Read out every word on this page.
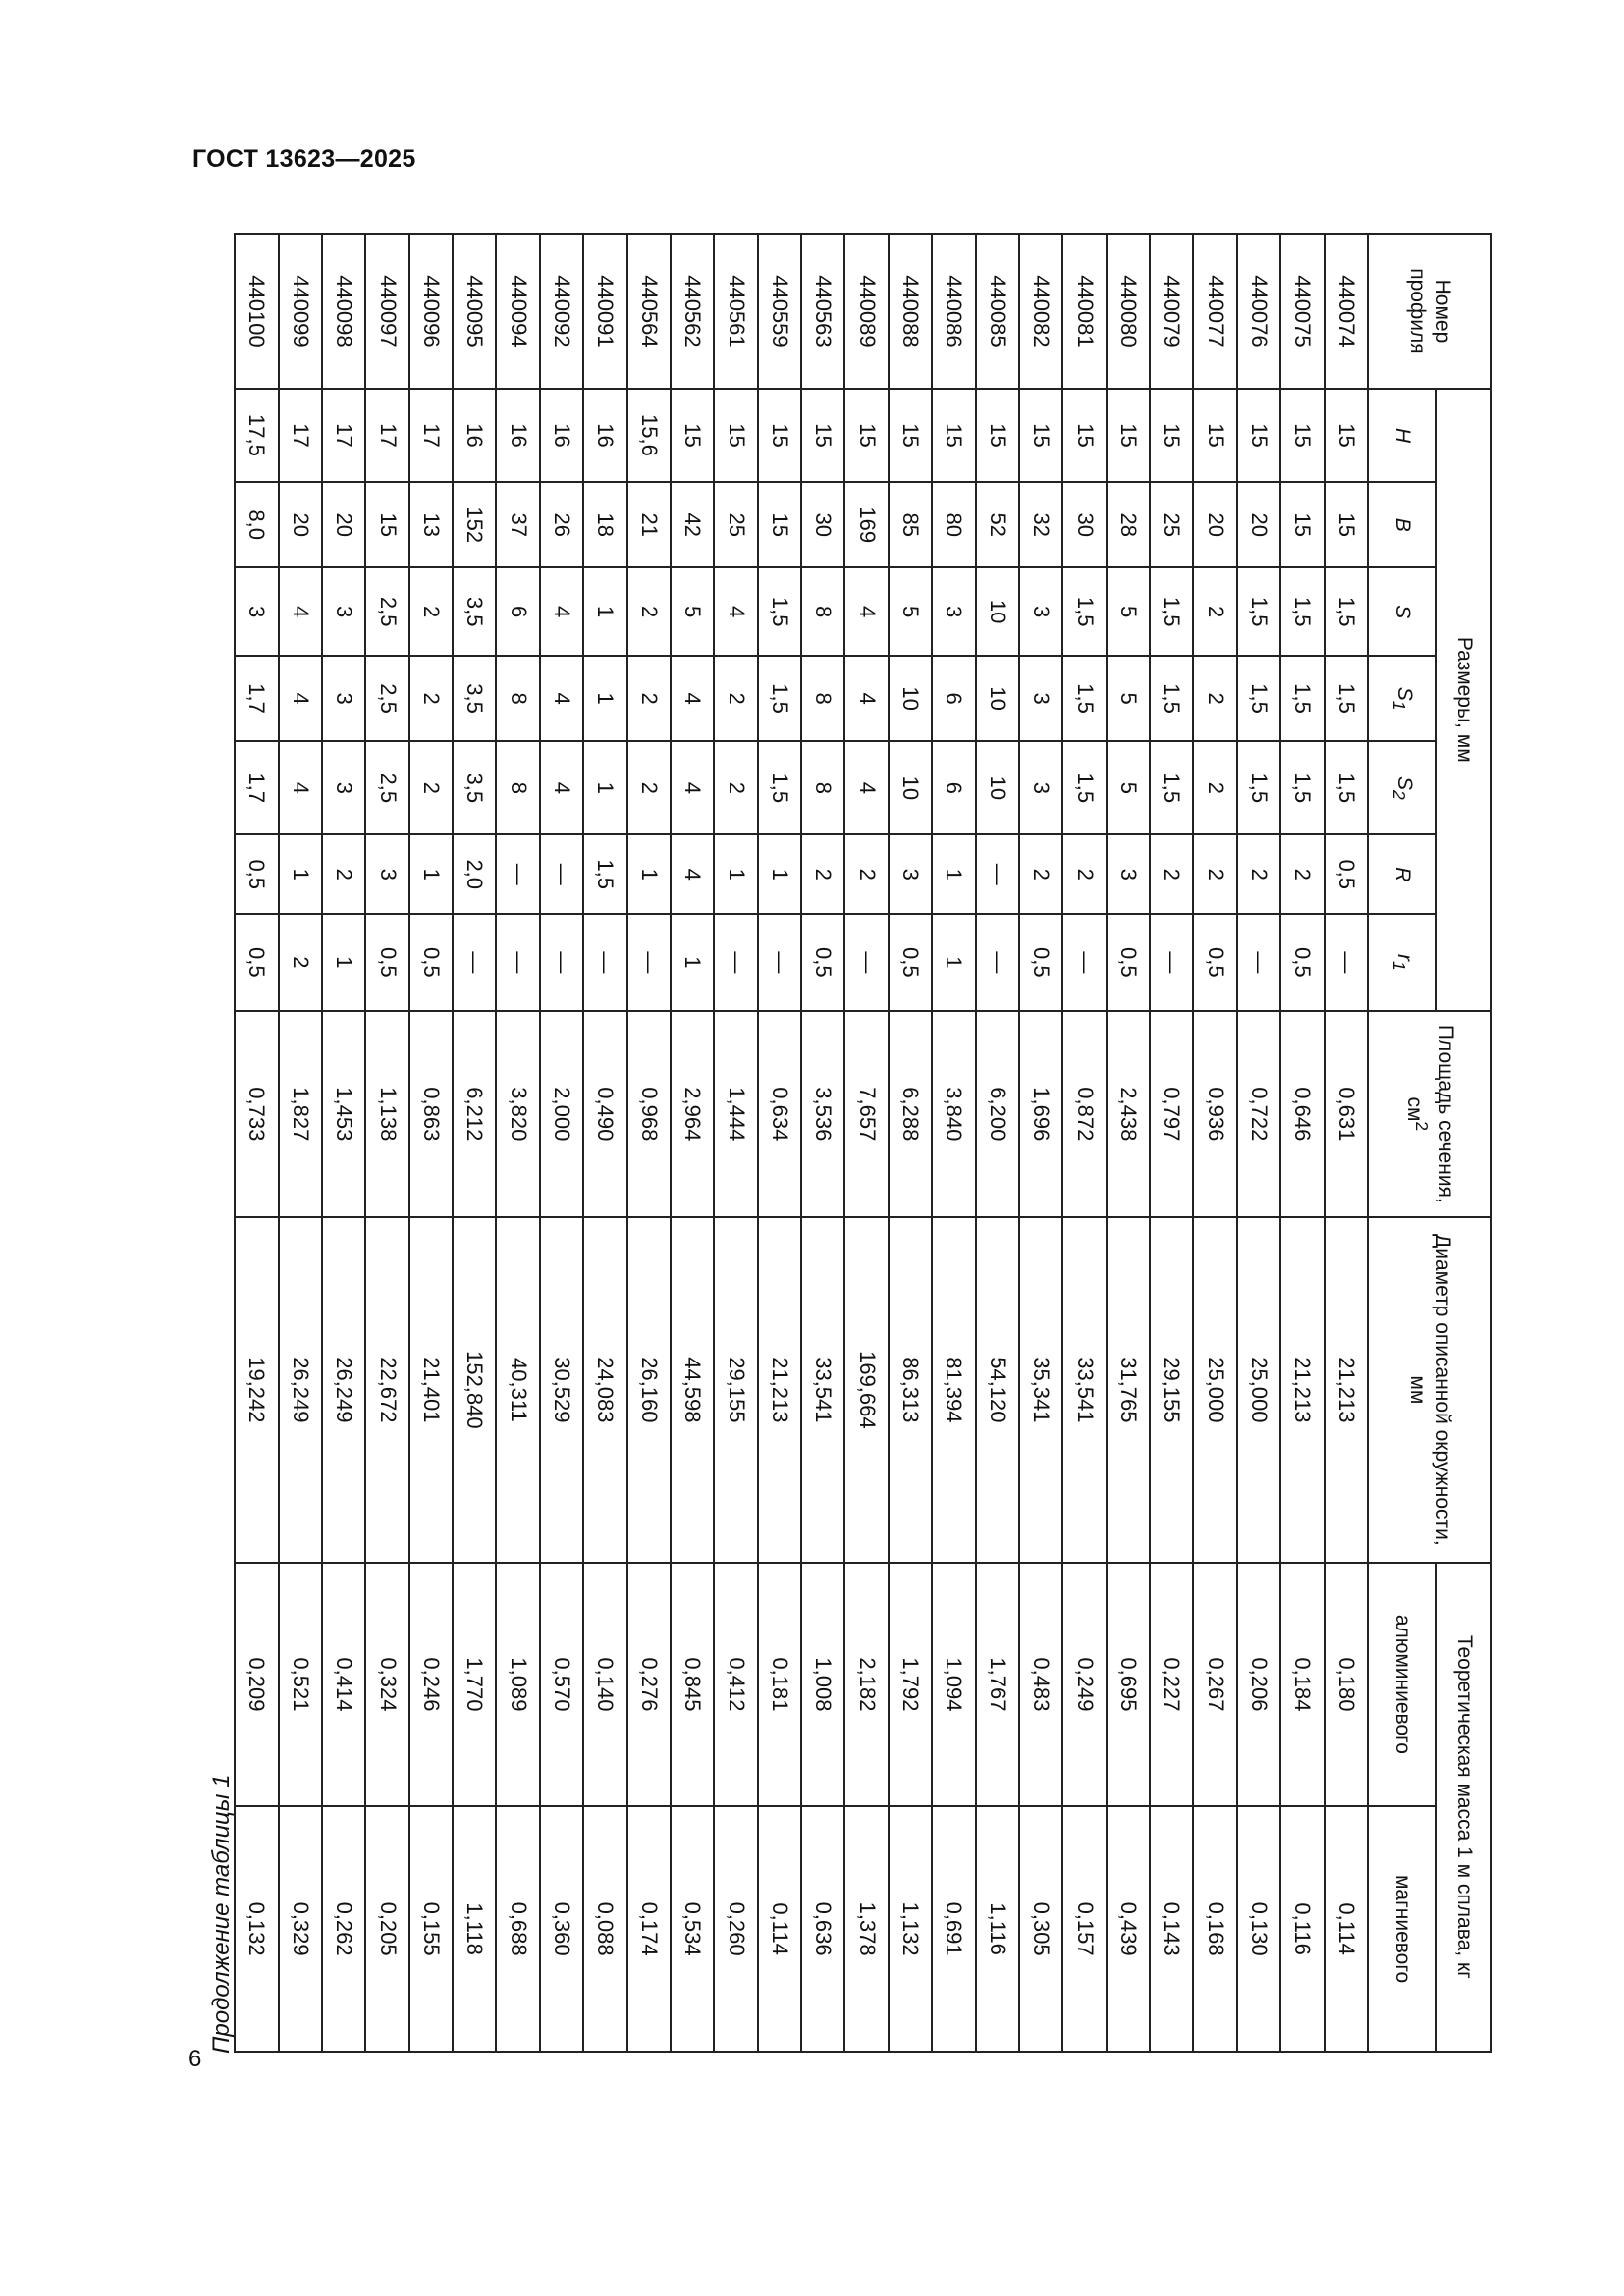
ГОСТ 13623—2025
6
Продолжение таблицы 1
Номер профиля	Размеры, мм							Площадь сечения, $см^2$	Диаметр описанной окружности, мм	Теоретическая масса 1 м сплава, кг	
	H	B	S	$S_1$	$S_2$	R	$r_1$			алюминиевого	магниевого
440074	15	15	1,5	1,5	1,5	0,5	—	0,631	21,213	0,180	0,114
440075	15	15	1,5	1,5	1,5	2	0,5	0,646	21,213	0,184	0,116
440076	15	20	1,5	1,5	1,5	2	—	0,722	25,000	0,206	0,130
440077	15	20	2	2	2	2	0,5	0,936	25,000	0,267	0,168
440079	15	25	1,5	1,5	1,5	2	—	0,797	29,155	0,227	0,143
440080	15	28	5	5	5	3	0,5	2,438	31,765	0,695	0,439
440081	15	30	1,5	1,5	1,5	2	—	0,872	33,541	0,249	0,157
440082	15	32	3	3	3	2	0,5	1,696	35,341	0,483	0,305
440085	15	52	10	10	10	—	—	6,200	54,120	1,767	1,116
440086	15	80	3	6	6	1	1	3,840	81,394	1,094	0,691
440088	15	85	5	10	10	3	0,5	6,288	86,313	1,792	1,132
440089	15	169	4	4	4	2	—	7,657	169,664	2,182	1,378
440563	15	30	8	8	8	2	0,5	3,536	33,541	1,008	0,636
440559	15	15	1,5	1,5	1,5	1	—	0,634	21,213	0,181	0,114
440561	15	25	4	2	2	1	—	1,444	29,155	0,412	0,260
440562	15	42	5	4	4	4	1	2,964	44,598	0,845	0,534
440564	15,6	21	2	2	2	1	—	0,968	26,160	0,276	0,174
440091	16	18	1	1	1	1,5	—	0,490	24,083	0,140	0,088
440092	16	26	4	4	4	—	—	2,000	30,529	0,570	0,360
440094	16	37	6	8	8	—	—	3,820	40,311	1,089	0,688
440095	16	152	3,5	3,5	3,5	2,0	—	6,212	152,840	1,770	1,118
440096	17	13	2	2	2	1	0,5	0,863	21,401	0,246	0,155
440097	17	15	2,5	2,5	2,5	3	0,5	1,138	22,672	0,324	0,205
440098	17	20	3	3	3	2	1	1,453	26,249	0,414	0,262
440099	17	20	4	4	4	1	2	1,827	26,249	0,521	0,329
440100	17,5	8,0	3	1,7	1,7	0,5	0,5	0,733	19,242	0,209	0,132
